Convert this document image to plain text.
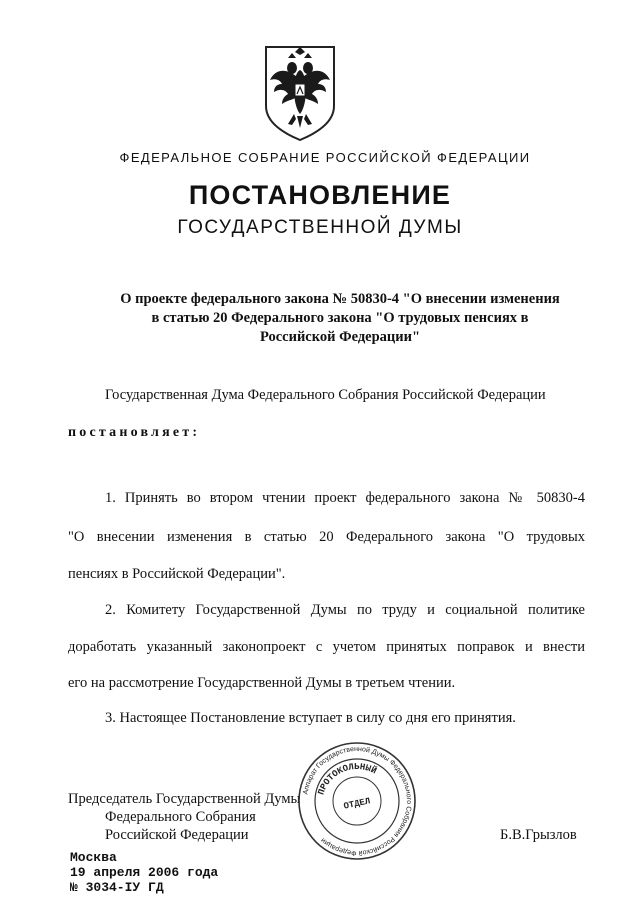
ФЕДЕРАЛЬНОЕ СОБРАНИЕ РОССИЙСКОЙ ФЕДЕРАЦИИ
ПОСТАНОВЛЕНИЕ
ГОСУДАРСТВЕННОЙ ДУМЫ
О проекте федерального закона № 50830-4 "О внесении изменения
в статью 20 Федерального закона "О трудовых пенсиях в
Российской Федерации"
Государственная Дума Федерального Собрания Российской Федерации
постановляет:
1. Принять во втором чтении проект федерального закона № 50830-4
"О внесении изменения в статью 20 Федерального закона "О трудовых
пенсиях в Российской Федерации".
2. Комитету Государственной Думы по труду и социальной политике
доработать указанный законопроект с учетом принятых поправок и внести
его на рассмотрение Государственной Думы в третьем чтении.
3. Настоящее Постановление вступает в силу со дня его принятия.
Председатель Государственной Думы
Федерального Собрания
Российской Федерации	Б.В.Грызлов
Аппарат Государственной Думы Федерального Собрания Российской Федерации
ПРОТОКОЛЬНЫЙ
ОТДЕЛ
Москва
19 апреля 2006 года
№ 3034-IУ ГД
